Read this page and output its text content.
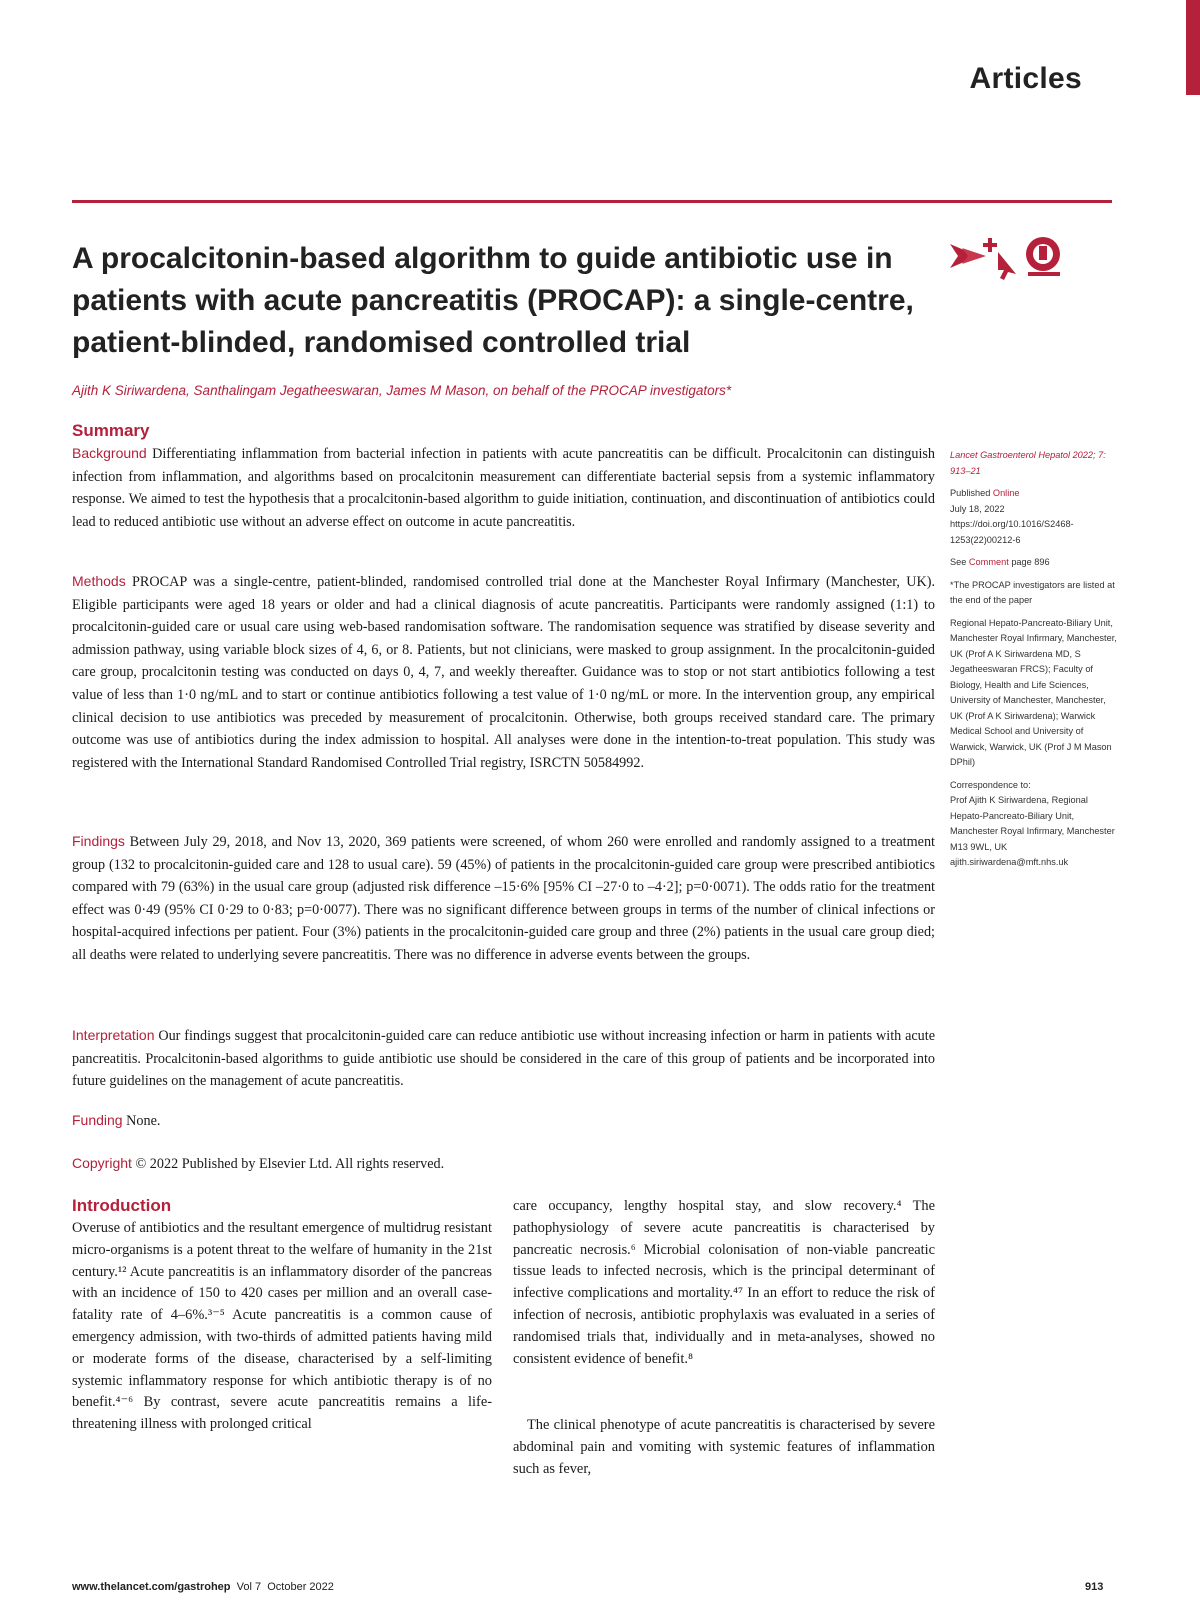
Articles
A procalcitonin-based algorithm to guide antibiotic use in patients with acute pancreatitis (PROCAP): a single-centre, patient-blinded, randomised controlled trial
Ajith K Siriwardena, Santhalingam Jegatheeswaran, James M Mason, on behalf of the PROCAP investigators*
Summary

Background Differentiating inflammation from bacterial infection in patients with acute pancreatitis can be difficult. Procalcitonin can distinguish infection from inflammation, and algorithms based on procalcitonin measurement can differentiate bacterial sepsis from a systemic inflammatory response. We aimed to test the hypothesis that a procalcitonin-based algorithm to guide initiation, continuation, and discontinuation of antibiotics could lead to reduced antibiotic use without an adverse effect on outcome in acute pancreatitis.

Methods PROCAP was a single-centre, patient-blinded, randomised controlled trial done at the Manchester Royal Infirmary (Manchester, UK). Eligible participants were aged 18 years or older and had a clinical diagnosis of acute pancreatitis. Participants were randomly assigned (1:1) to procalcitonin-guided care or usual care using web-based randomisation software. The randomisation sequence was stratified by disease severity and admission pathway, using variable block sizes of 4, 6, or 8. Patients, but not clinicians, were masked to group assignment. In the procalcitonin-guided care group, procalcitonin testing was conducted on days 0, 4, 7, and weekly thereafter. Guidance was to stop or not start antibiotics following a test value of less than 1·0 ng/mL and to start or continue antibiotics following a test value of 1·0 ng/mL or more. In the intervention group, any empirical clinical decision to use antibiotics was preceded by measurement of procalcitonin. Otherwise, both groups received standard care. The primary outcome was use of antibiotics during the index admission to hospital. All analyses were done in the intention-to-treat population. This study was registered with the International Standard Randomised Controlled Trial registry, ISRCTN 50584992.

Findings Between July 29, 2018, and Nov 13, 2020, 369 patients were screened, of whom 260 were enrolled and randomly assigned to a treatment group (132 to procalcitonin-guided care and 128 to usual care). 59 (45%) of patients in the procalcitonin-guided care group were prescribed antibiotics compared with 79 (63%) in the usual care group (adjusted risk difference –15·6% [95% CI –27·0 to –4·2]; p=0·0071). The odds ratio for the treatment effect was 0·49 (95% CI 0·29 to 0·83; p=0·0077). There was no significant difference between groups in terms of the number of clinical infections or hospital-acquired infections per patient. Four (3%) patients in the procalcitonin-guided care group and three (2%) patients in the usual care group died; all deaths were related to underlying severe pancreatitis. There was no difference in adverse events between the groups.

Interpretation Our findings suggest that procalcitonin-guided care can reduce antibiotic use without increasing infection or harm in patients with acute pancreatitis. Procalcitonin-based algorithms to guide antibiotic use should be considered in the care of this group of patients and be incorporated into future guidelines on the management of acute pancreatitis.

Funding None.

Copyright © 2022 Published by Elsevier Ltd. All rights reserved.

Lancet Gastroenterol Hepatol 2022; 7: 913–21

Published Online
July 18, 2022
https://doi.org/10.1016/S2468-1253(22)00212-6

See Comment page 896

*The PROCAP investigators are listed at the end of the paper

Regional Hepato-Pancreato-Biliary Unit, Manchester Royal Infirmary, Manchester, UK (Prof A K Siriwardena MD, S Jegatheeswaran FRCS); Faculty of Biology, Health and Life Sciences, University of Manchester, Manchester, UK (Prof A K Siriwardena); Warwick Medical School and University of Warwick, Warwick, UK (Prof J M Mason DPhil)

Correspondence to:
Prof Ajith K Siriwardena, Regional Hepato-Pancreato-Biliary Unit, Manchester Royal Infirmary, Manchester M13 9WL, UK
ajith.siriwardena@mft.nhs.uk

Introduction

Overuse of antibiotics and the resultant emergence of multidrug resistant micro-organisms is a potent threat to the welfare of humanity in the 21st century.¹² Acute pancreatitis is an inflammatory disorder of the pancreas with an incidence of 150 to 420 cases per million and an overall case-fatality rate of 4–6%.³⁻⁵ Acute pancreatitis is a common cause of emergency admission, with two-thirds of admitted patients having mild or moderate forms of the disease, characterised by a self-limiting systemic inflammatory response for which antibiotic therapy is of no benefit.⁴⁻⁶ By contrast, severe acute pancreatitis remains a life-threatening illness with prolonged critical

care occupancy, lengthy hospital stay, and slow recovery.⁴ The pathophysiology of severe acute pancreatitis is characterised by pancreatic necrosis.⁶ Microbial colonisation of non-viable pancreatic tissue leads to infected necrosis, which is the principal determinant of infective complications and mortality.⁴⁷ In an effort to reduce the risk of infection of necrosis, antibiotic prophylaxis was evaluated in a series of randomised trials that, individually and in meta-analyses, showed no consistent evidence of benefit.⁸

The clinical phenotype of acute pancreatitis is characterised by severe abdominal pain and vomiting with systemic features of inflammation such as fever,

www.thelancet.com/gastrohep Vol 7 October 2022	913
